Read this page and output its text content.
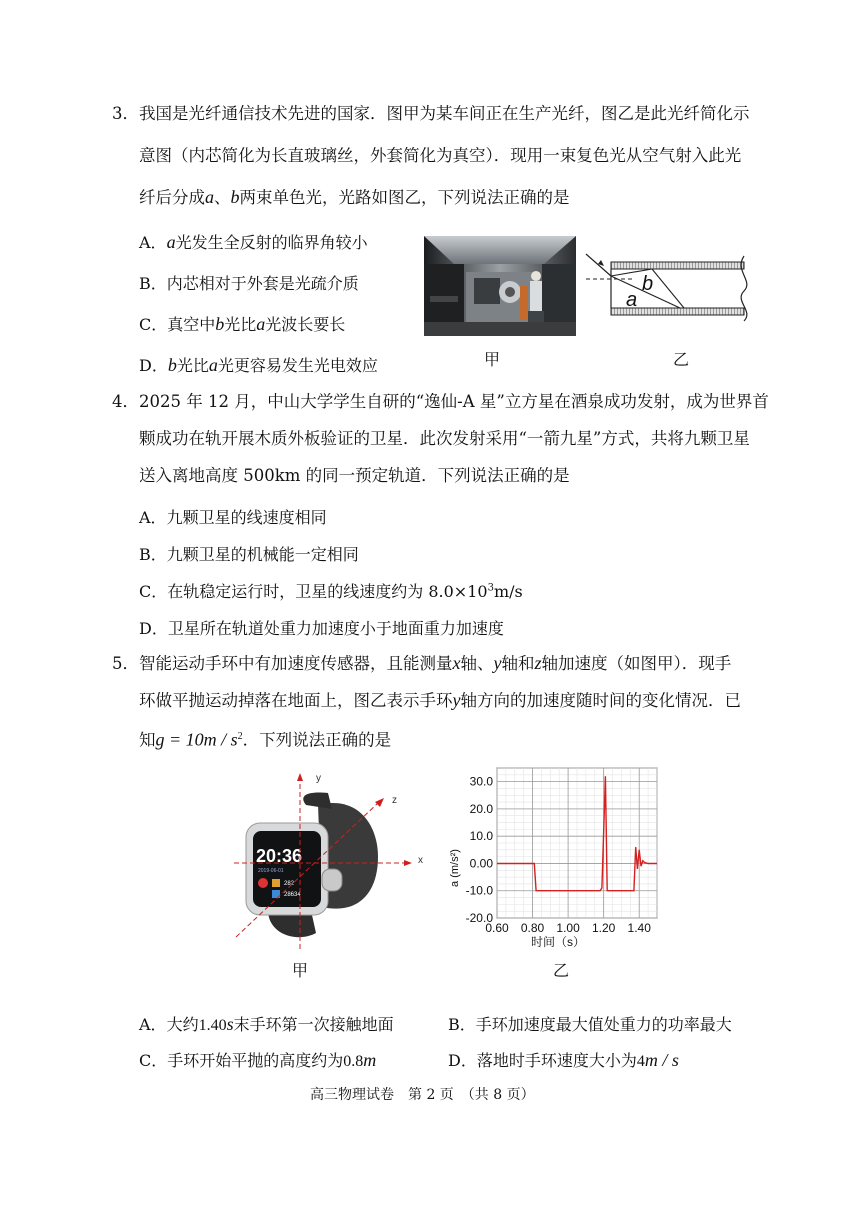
3．我国是光纤通信技术先进的国家．图甲为某车间正在生产光纤，图乙是此光纤简化示
意图（内芯简化为长直玻璃丝，外套简化为真空）．现用一束复色光从空气射入此光
纤后分成a、b两束单色光，光路如图乙，下列说法正确的是
A．a光发生全反射的临界角较小
B．内芯相对于外套是光疏介质
C．真空中b光比a光波长要长
D．b光比a光更容易发生光电效应	甲
b
a
乙
4．2025 年 12 月，中山大学学生自研的“逸仙-A 星”立方星在酒泉成功发射，成为世界首
颗成功在轨开展木质外板验证的卫星．此次发射采用“一箭九星”方式，共将九颗卫星
送入离地高度 500km 的同一预定轨道．下列说法正确的是
A．九颗卫星的线速度相同
B．九颗卫星的机械能一定相同
C．在轨稳定运行时，卫星的线速度约为 $8.0\times 10^3m/s$
D．卫星所在轨道处重力加速度小于地面重力加速度
5．智能运动手环中有加速度传感器，且能测量x轴、y轴和z轴加速度（如图甲）．现手
环做平抛运动掉落在地面上，图乙表示手环y轴方向的加速度随时间的变化情况．已
知$g = 10m / s^2$．下列说法正确的是
20:36
2019-06-01
282
28634
y
z
x
甲
30.0
20.0
10.0
0.00
-10.0
-20.0
0.60 0.80 1.00 1.20 1.40
a (m/s²)
时间（s）
乙
A．大约1.40s末手环第一次接触地面	B．手环加速度最大值处重力的功率最大
C．手环开始平抛的高度约为0.8m	D．落地时手环速度大小为4m / s
高三物理试卷　第 2 页　（共 8 页）
